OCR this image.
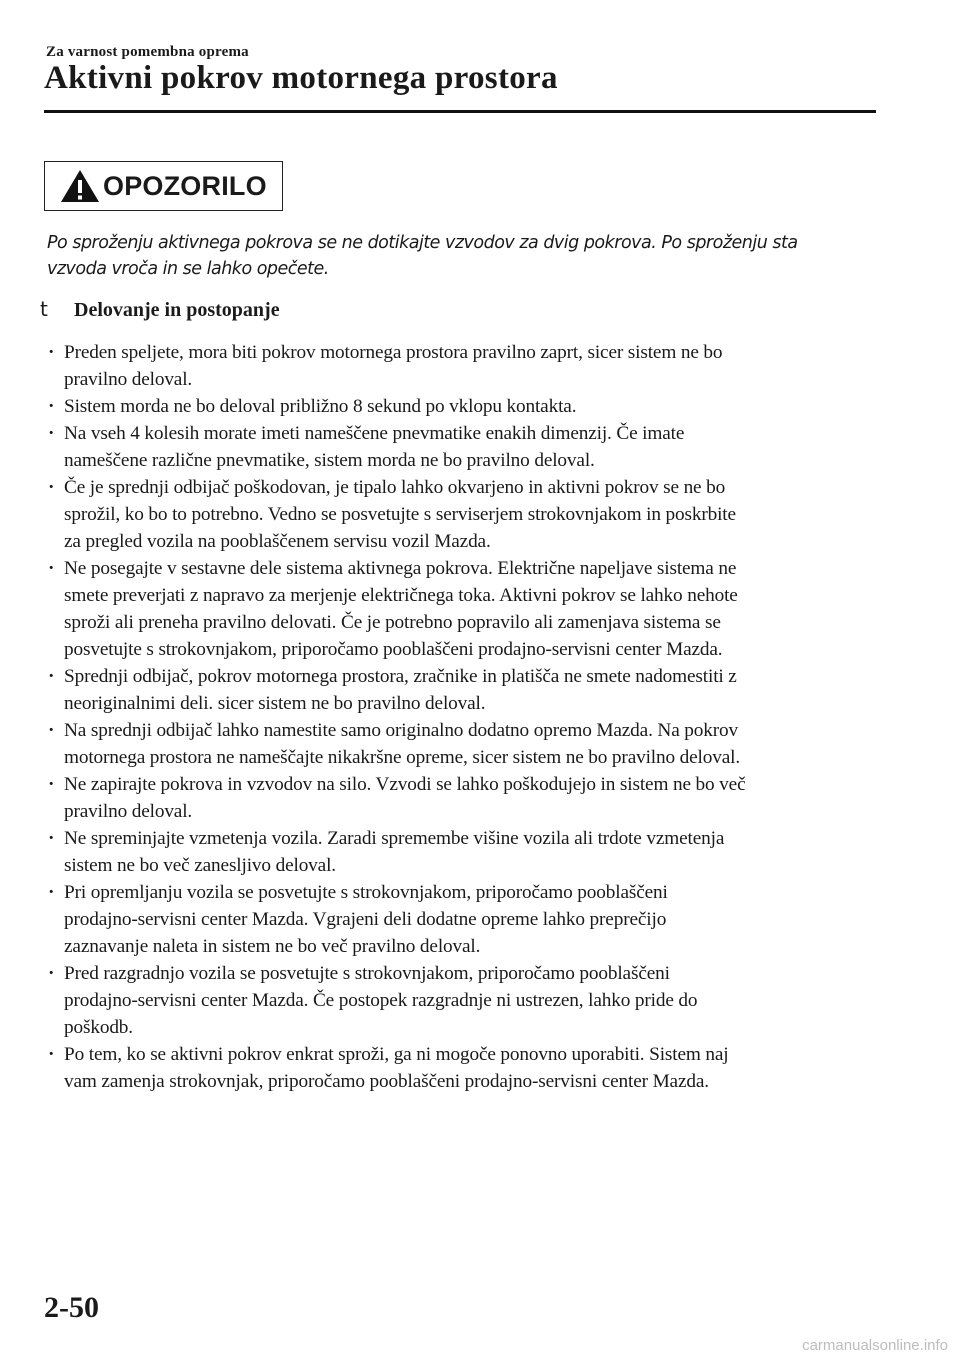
Za varnost pomembna oprema
Aktivni pokrov motornega prostora
OPOZORILO
Po sproženju aktivnega pokrova se ne dotikajte vzvodov za dvig pokrova. Po sproženju sta
vzvoda vroča in se lahko opečete.
t	Delovanje in postopanje
· Preden speljete, mora biti pokrov motornega prostora pravilno zaprt, sicer sistem ne bo
pravilno deloval.
· Sistem morda ne bo deloval približno 8 sekund po vklopu kontakta.
· Na vseh 4 kolesih morate imeti nameščene pnevmatike enakih dimenzij. Če imate
nameščene različne pnevmatike, sistem morda ne bo pravilno deloval.
· Če je sprednji odbijač poškodovan, je tipalo lahko okvarjeno in aktivni pokrov se ne bo
sprožil, ko bo to potrebno. Vedno se posvetujte s serviserjem strokovnjakom in poskrbite
za pregled vozila na pooblaščenem servisu vozil Mazda.
· Ne posegajte v sestavne dele sistema aktivnega pokrova. Električne napeljave sistema ne
smete preverjati z napravo za merjenje električnega toka. Aktivni pokrov se lahko nehote
sproži ali preneha pravilno delovati. Če je potrebno popravilo ali zamenjava sistema se
posvetujte s strokovnjakom, priporočamo pooblaščeni prodajno-servisni center Mazda.
· Sprednji odbijač, pokrov motornega prostora, zračnike in platišča ne smete nadomestiti z
neoriginalnimi deli. sicer sistem ne bo pravilno deloval.
· Na sprednji odbijač lahko namestite samo originalno dodatno opremo Mazda. Na pokrov
motornega prostora ne nameščajte nikakršne opreme, sicer sistem ne bo pravilno deloval.
· Ne zapirajte pokrova in vzvodov na silo. Vzvodi se lahko poškodujejo in sistem ne bo več
pravilno deloval.
· Ne spreminjajte vzmetenja vozila. Zaradi spremembe višine vozila ali trdote vzmetenja
sistem ne bo več zanesljivo deloval.
· Pri opremljanju vozila se posvetujte s strokovnjakom, priporočamo pooblaščeni
prodajno-servisni center Mazda. Vgrajeni deli dodatne opreme lahko preprečijo
zaznavanje naleta in sistem ne bo več pravilno deloval.
· Pred razgradnjo vozila se posvetujte s strokovnjakom, priporočamo pooblaščeni
prodajno-servisni center Mazda. Če postopek razgradnje ni ustrezen, lahko pride do
poškodb.
· Po tem, ko se aktivni pokrov enkrat sproži, ga ni mogoče ponovno uporabiti. Sistem naj
vam zamenja strokovnjak, priporočamo pooblaščeni prodajno-servisni center Mazda.
2-50
carmanualsonline.info
